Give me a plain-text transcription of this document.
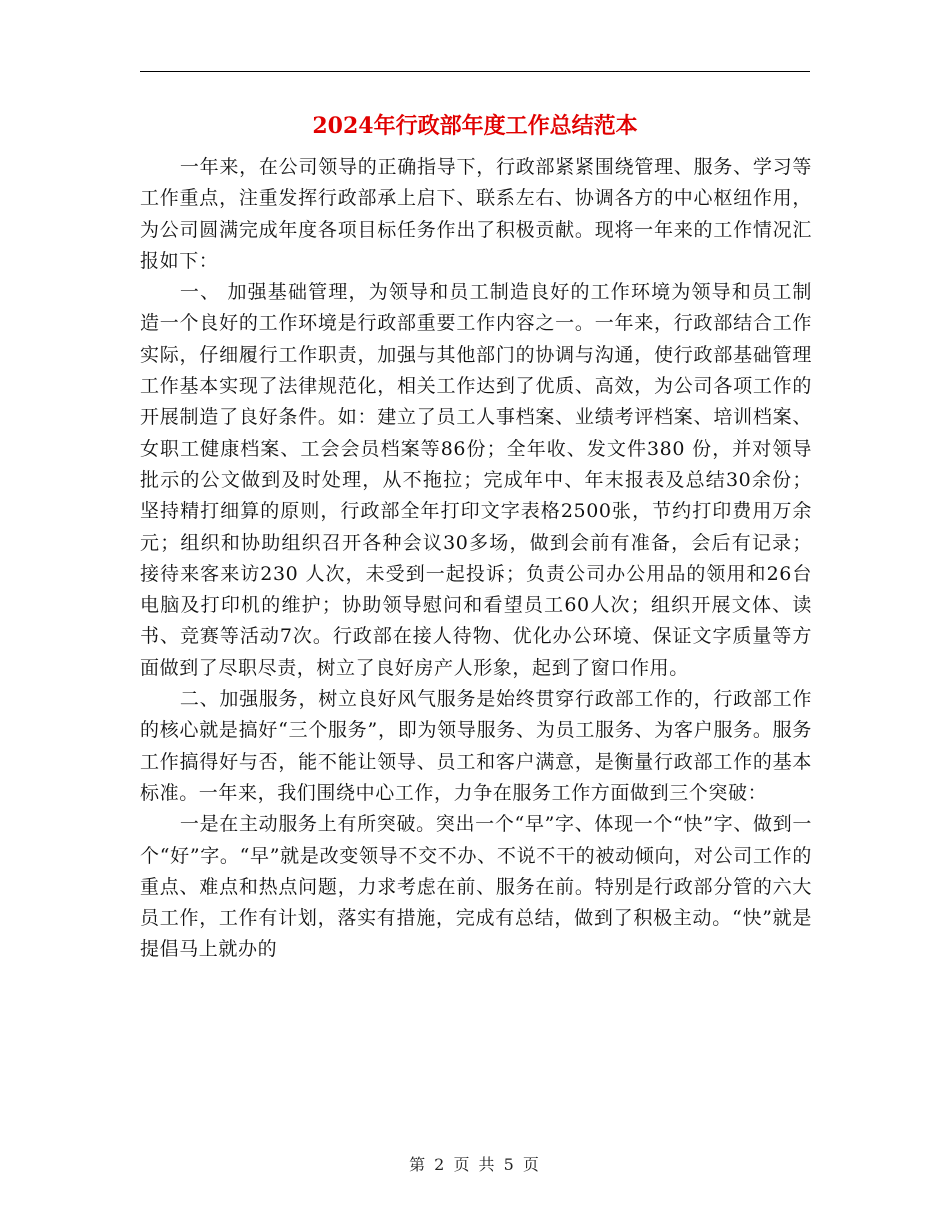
2024年行政部年度工作总结范本

一年来，在公司领导的正确指导下，行政部紧紧围绕管理、服务、学习等工作重点，注重发挥行政部承上启下、联系左右、协调各方的中心枢纽作用，为公司圆满完成年度各项目标任务作出了积极贡献。现将一年来的工作情况汇报如下：

一、 加强基础管理，为领导和员工制造良好的工作环境为领导和员工制造一个良好的工作环境是行政部重要工作内容之一。一年来，行政部结合工作实际，仔细履行工作职责，加强与其他部门的协调与沟通，使行政部基础管理工作基本实现了法律规范化，相关工作达到了优质、高效，为公司各项工作的开展制造了良好条件。如：建立了员工人事档案、业绩考评档案、培训档案、女职工健康档案、工会会员档案等86份；全年收、发文件380 份，并对领导批示的公文做到及时处理，从不拖拉；完成年中、年末报表及总结30余份；坚持精打细算的原则，行政部全年打印文字表格2500张，节约打印费用万余元；组织和协助组织召开各种会议30多场，做到会前有准备，会后有记录；接待来客来访230 人次，未受到一起投诉；负责公司办公用品的领用和26台电脑及打印机的维护；协助领导慰问和看望员工60人次；组织开展文体、读书、竞赛等活动7次。行政部在接人待物、优化办公环境、保证文字质量等方面做到了尽职尽责，树立了良好房产人形象，起到了窗口作用。

二、加强服务，树立良好风气服务是始终贯穿行政部工作的，行政部工作的核心就是搞好“三个服务”，即为领导服务、为员工服务、为客户服务。服务工作搞得好与否，能不能让领导、员工和客户满意，是衡量行政部工作的基本标准。一年来，我们围绕中心工作，力争在服务工作方面做到三个突破：

一是在主动服务上有所突破。突出一个“早”字、体现一个“快”字、做到一个“好”字。“早”就是改变领导不交不办、不说不干的被动倾向，对公司工作的重点、难点和热点问题，力求考虑在前、服务在前。特别是行政部分管的六大员工作，工作有计划，落实有措施，完成有总结，做到了积极主动。“快”就是提倡马上就办的

第 2 页 共 5 页
